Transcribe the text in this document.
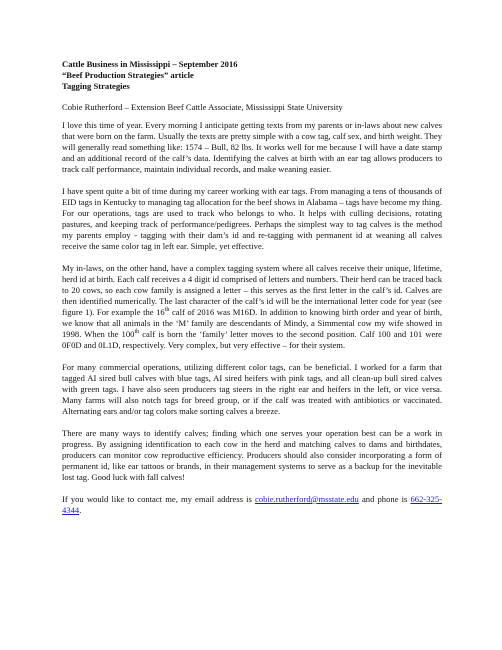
Cattle Business in Mississippi – September 2016

“Beef Production Strategies” article

Tagging Strategies

Cobie Rutherford – Extension Beef Cattle Associate, Mississippi State University

I love this time of year. Every morning I anticipate getting texts from my parents or in-laws about new calves that were born on the farm. Usually the texts are pretty simple with a cow tag, calf sex, and birth weight. They will generally read something like: 1574 – Bull, 82 lbs. It works well for me because I will have a date stamp and an additional record of the calf’s data. Identifying the calves at birth with an ear tag allows producers to track calf performance, maintain individual records, and make weaning easier.

I have spent quite a bit of time during my career working with ear tags. From managing a tens of thousands of EID tags in Kentucky to managing tag allocation for the beef shows in Alabama – tags have become my thing. For our operations, tags are used to track who belongs to who. It helps with culling decisions, rotating pastures, and keeping track of performance/pedigrees. Perhaps the simplest way to tag calves is the method my parents employ - tagging with their dam’s id and re-tagging with permanent id at weaning all calves receive the same color tag in left ear. Simple, yet effective.

My in-laws, on the other hand, have a complex tagging system where all calves receive their unique, lifetime, herd id at birth. Each calf receives a 4 digit id comprised of letters and numbers. Their herd can be traced back to 20 cows, so each cow family is assigned a letter – this serves as the first letter in the calf’s id. Calves are then identified numerically. The last character of the calf’s id will be the international letter code for year (see figure 1). For example the 16th calf of 2016 was M16D. In addition to knowing birth order and year of birth, we know that all animals in the ‘M’ family are descendants of Mindy, a Simmental cow my wife showed in 1998. When the 100th calf is born the ‘family’ letter moves to the second position. Calf 100 and 101 were 0F0D and 0L1D, respectively. Very complex, but very effective – for their system.

For many commercial operations, utilizing different color tags, can be beneficial. I worked for a farm that tagged AI sired bull calves with blue tags, AI sired heifers with pink tags, and all clean-up bull sired calves with green tags. I have also seen producers tag steers in the right ear and heifers in the left, or vice versa. Many farms will also notch tags for breed group, or if the calf was treated with antibiotics or vaccinated. Alternating ears and/or tag colors make sorting calves a breeze.

There are many ways to identify calves; finding which one serves your operation best can be a work in progress. By assigning identification to each cow in the herd and matching calves to dams and birthdates, producers can monitor cow reproductive efficiency. Producers should also consider incorporating a form of permanent id, like ear tattoos or brands, in their management systems to serve as a backup for the inevitable lost tag. Good luck with fall calves!

If you would like to contact me, my email address is cobie.rutherford@msstate.edu and phone is 662-325-4344.
